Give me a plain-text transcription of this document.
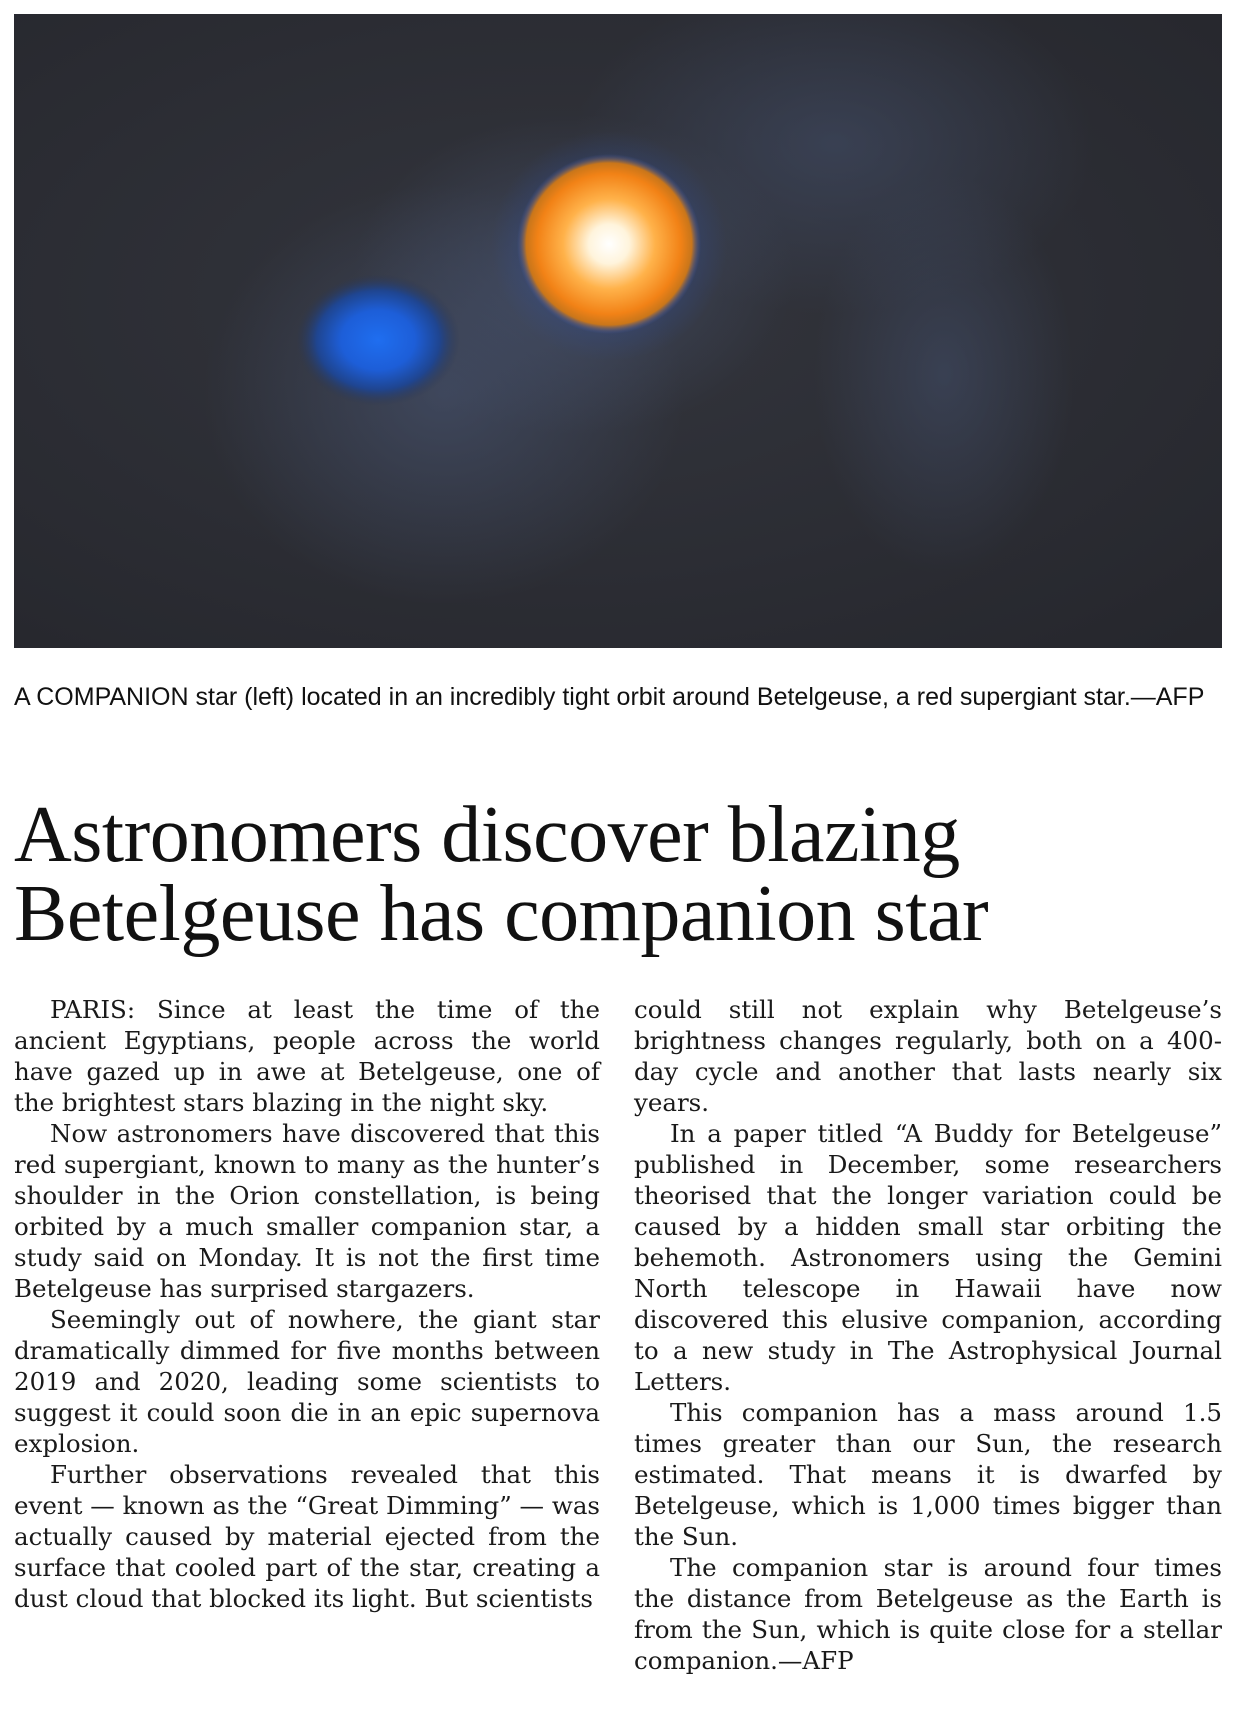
A COMPANION star (left) located in an incredibly tight orbit around Betelgeuse, a red supergiant star.—AFP
Astronomers discover blazing
Betelgeuse has companion star

PARIS: Since at least the time of the ancient Egyptians, people across the world have gazed up in awe at Betelgeuse, one of the brightest stars blazing in the night sky.

Now astronomers have discovered that this red supergiant, known to many as the hunter’s shoulder in the Orion constellation, is being orbited by a much smaller companion star, a study said on Monday. It is not the first time Betelgeuse has surprised stargazers.

Seemingly out of nowhere, the giant star dramatically dimmed for five months between 2019 and 2020, leading some scientists to suggest it could soon die in an epic supernova explosion.

Further observations revealed that this event — known as the “Great Dimming” — was actually caused by material ejected from the surface that cooled part of the star, creating a dust cloud that blocked its light. But scientists

could still not explain why Betelgeuse’s brightness changes regularly, both on a 400-day cycle and another that lasts nearly six years.

In a paper titled “A Buddy for Betelgeuse” published in December, some researchers theorised that the longer variation could be caused by a hidden small star orbiting the behemoth. Astronomers using the Gemini North telescope in Hawaii have now discovered this elusive companion, according to a new study in The Astrophysical Journal Letters.

This companion has a mass around 1.5 times greater than our Sun, the research estimated. That means it is dwarfed by Betelgeuse, which is 1,000 times bigger than the Sun.

The companion star is around four times the distance from Betelgeuse as the Earth is from the Sun, which is quite close for a stellar companion.—AFP
